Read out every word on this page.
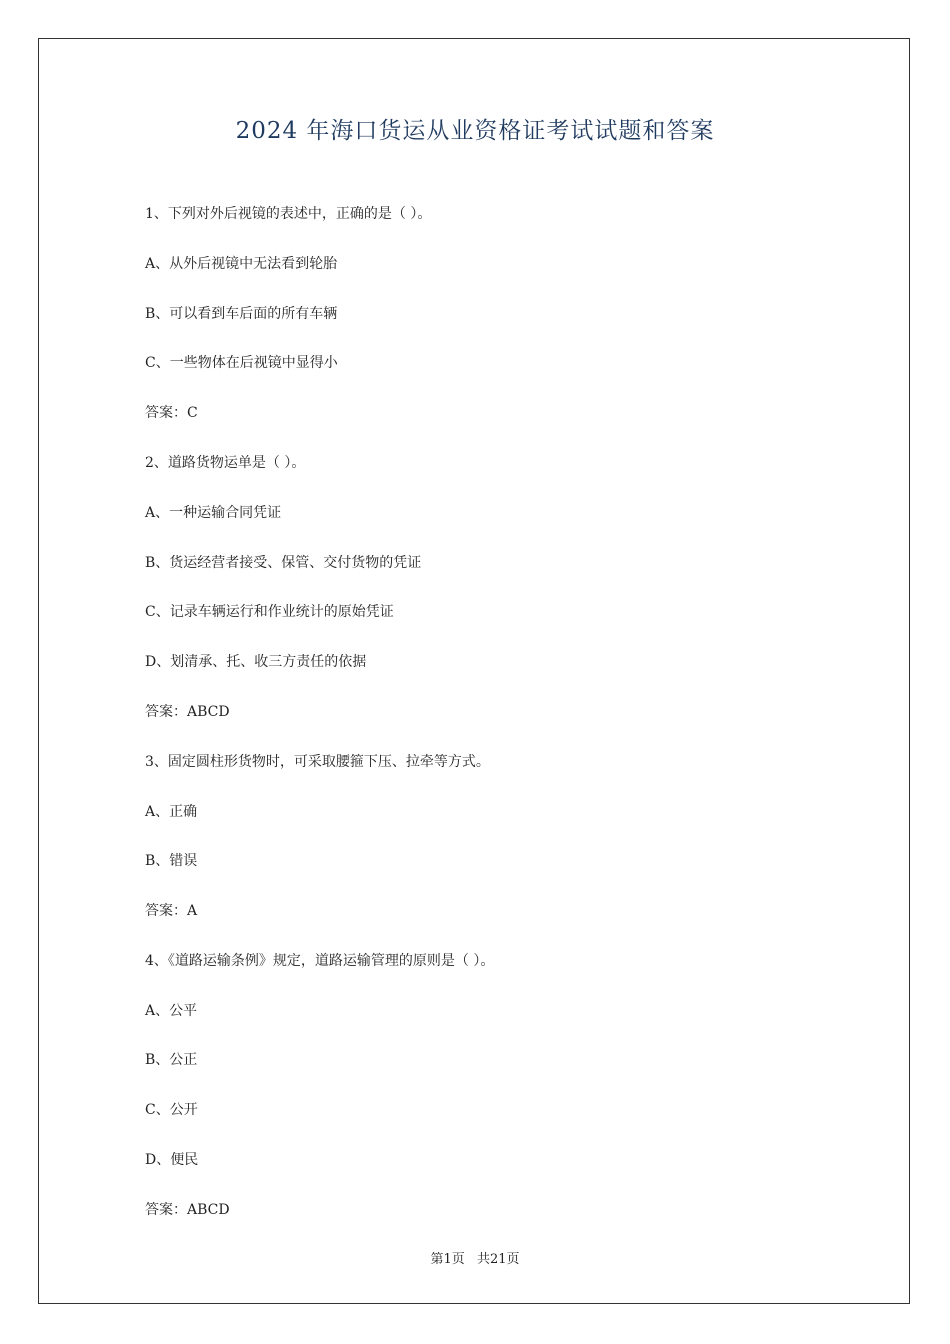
2024 年海口货运从业资格证考试试题和答案
1、下列对外后视镜的表述中，正确的是（ ）。
A、从外后视镜中无法看到轮胎
B、可以看到车后面的所有车辆
C、一些物体在后视镜中显得小
答案：C
2、道路货物运单是（ ）。
A、一种运输合同凭证
B、货运经营者接受、保管、交付货物的凭证
C、记录车辆运行和作业统计的原始凭证
D、划清承、托、收三方责任的依据
答案：ABCD
3、固定圆柱形货物时，可采取腰箍下压、拉牵等方式。
A、正确
B、错误
答案：A
4、《道路运输条例》规定，道路运输管理的原则是（ ）。
A、公平
B、公正
C、公开
D、便民
答案：ABCD
第1页 共21页
